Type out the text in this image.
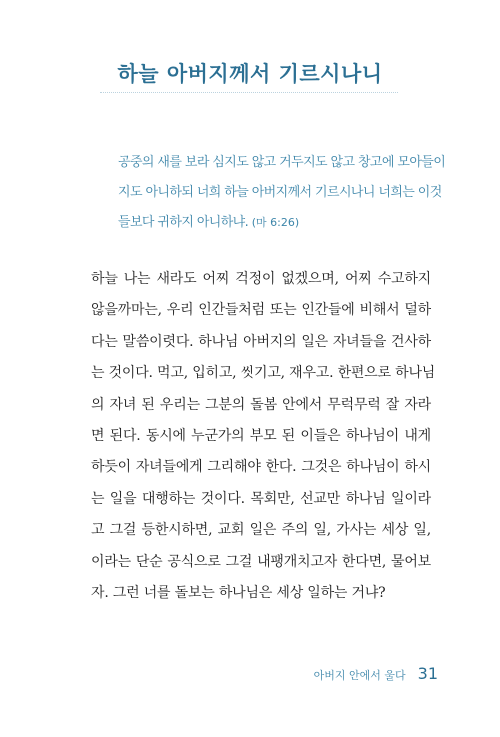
하늘 아버지께서 기르시나니
공중의 새를 보라 심지도 않고 거두지도 않고 창고에 모아들이
지도 아니하되 너희 하늘 아버지께서 기르시나니 너희는 이것
들보다 귀하지 아니하냐. (마 6:26)
하늘 나는 새라도 어찌 걱정이 없겠으며, 어찌 수고하지
않을까마는, 우리 인간들처럼 또는 인간들에 비해서 덜하
다는 말씀이렷다. 하나님 아버지의 일은 자녀들을 건사하
는 것이다. 먹고, 입히고, 씻기고, 재우고. 한편으로 하나님
의 자녀 된 우리는 그분의 돌봄 안에서 무럭무럭 잘 자라
면 된다. 동시에 누군가의 부모 된 이들은 하나님이 내게
하듯이 자녀들에게 그리해야 한다. 그것은 하나님이 하시
는 일을 대행하는 것이다. 목회만, 선교만 하나님 일이라
고 그걸 등한시하면, 교회 일은 주의 일, 가사는 세상 일,
이라는 단순 공식으로 그걸 내팽개치고자 한다면, 물어보
자. 그런 너를 돌보는 하나님은 세상 일하는 거냐?
아버지 안에서 울다 31
